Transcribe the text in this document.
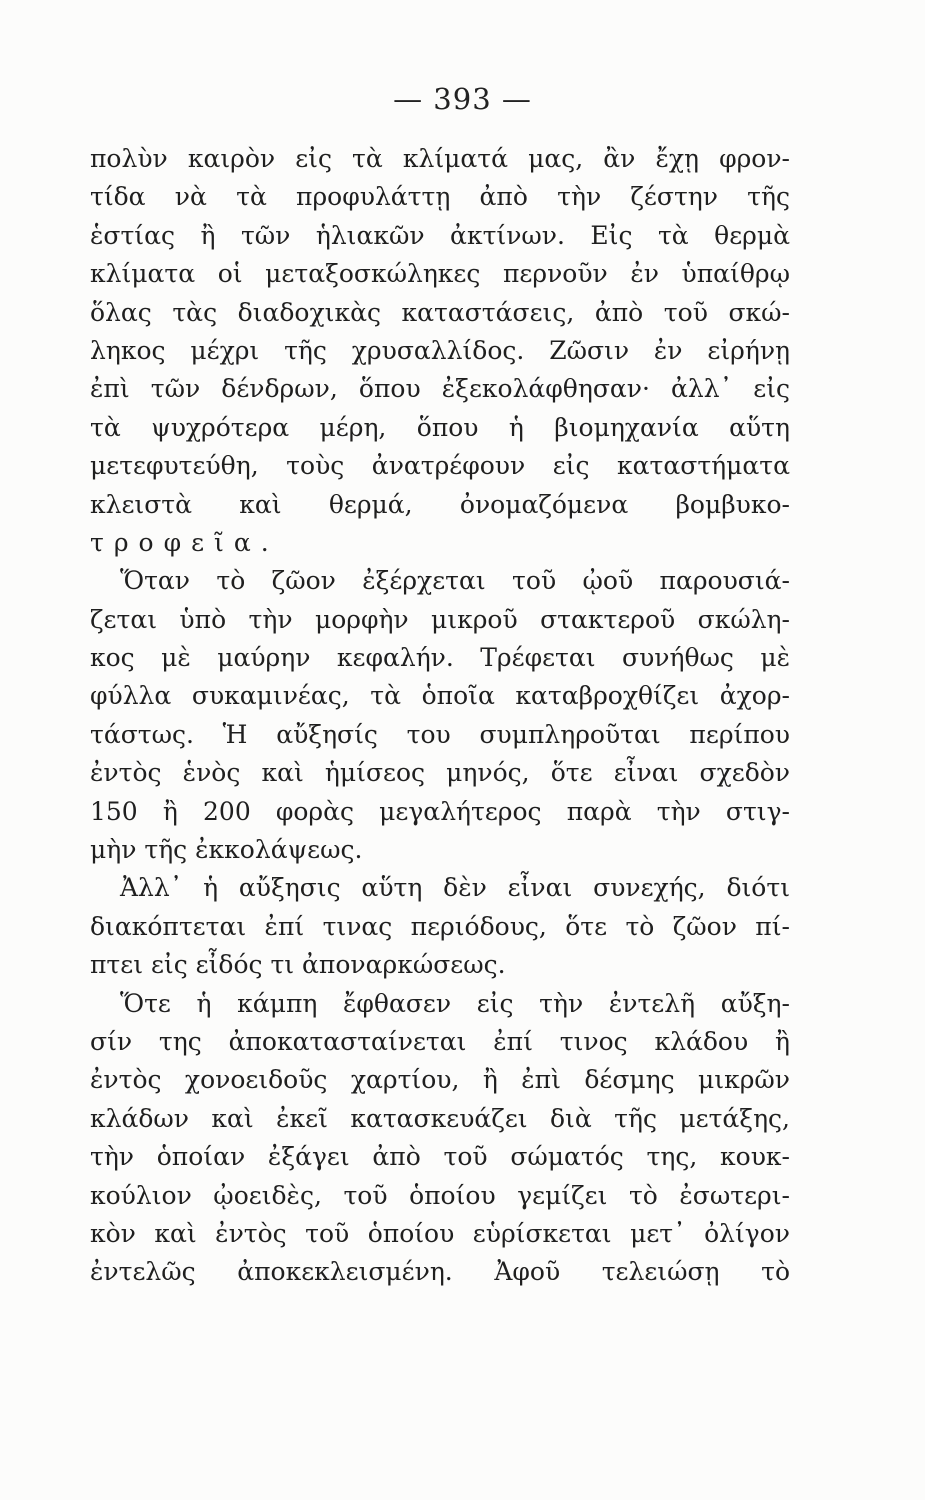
— 393 —
πολὺν καιρὸν εἰς τὰ κλίματά μας, ἂν ἔχῃ φρον-
τίδα νὰ τὰ προφυλάττῃ ἀπὸ τὴν ζέστην τῆς
ἑστίας ἢ τῶν ἡλιακῶν ἀκτίνων. Εἰς τὰ θερμὰ
κλίματα οἱ μεταξοσκώληκες περνοῦν ἐν ὑπαίθρῳ
ὅλας τὰς διαδοχικὰς καταστάσεις, ἀπὸ τοῦ σκώ-
ληκος μέχρι τῆς χρυσαλλίδος. Ζῶσιν ἐν εἰρήνῃ
ἐπὶ τῶν δένδρων, ὅπου ἐξεκολάφθησαν· ἀλλ᾽ εἰς
τὰ ψυχρότερα μέρη, ὅπου ἡ βιομηχανία αὕτη
μετεφυτεύθη, τοὺς ἀνατρέφουν εἰς καταστήματα
κλειστὰ καὶ θερμά, ὀνομαζόμενα βομβυκο-
τροφεῖα.
Ὅταν τὸ ζῶον ἐξέρχεται τοῦ ᾠοῦ παρουσιά-
ζεται ὑπὸ τὴν μορφὴν μικροῦ στακτεροῦ σκώλη-
κος μὲ μαύρην κεφαλήν. Τρέφεται συνήθως μὲ
φύλλα συκαμινέας, τὰ ὁποῖα καταβροχθίζει ἀχορ-
τάστως. Ἡ αὔξησίς του συμπληροῦται περίπου
ἐντὸς ἑνὸς καὶ ἡμίσεος μηνός, ὅτε εἶναι σχεδὸν
150 ἢ 200 φορὰς μεγαλήτερος παρὰ τὴν στιγ-
μὴν τῆς ἐκκολάψεως.
Ἀλλ᾽ ἡ αὔξησις αὕτη δὲν εἶναι συνεχής, διότι
διακόπτεται ἐπί τινας περιόδους, ὅτε τὸ ζῶον πί-
πτει εἰς εἶδός τι ἀποναρκώσεως.
Ὅτε ἡ κάμπη ἔφθασεν εἰς τὴν ἐντελῆ αὔξη-
σίν της ἀποκατασταίνεται ἐπί τινος κλάδου ἢ
ἐντὸς χονοειδοῦς χαρτίου, ἢ ἐπὶ δέσμης μικρῶν
κλάδων καὶ ἐκεῖ κατασκευάζει διὰ τῆς μετάξης,
τὴν ὁποίαν ἐξάγει ἀπὸ τοῦ σώματός της, κουκ-
κούλιον ᾠοειδὲς, τοῦ ὁποίου γεμίζει τὸ ἐσωτερι-
κὸν καὶ ἐντὸς τοῦ ὁποίου εὑρίσκεται μετ᾽ ὀλίγον
ἐντελῶς ἀποκεκλεισμένη. Ἀφοῦ τελειώσῃ τὸ
